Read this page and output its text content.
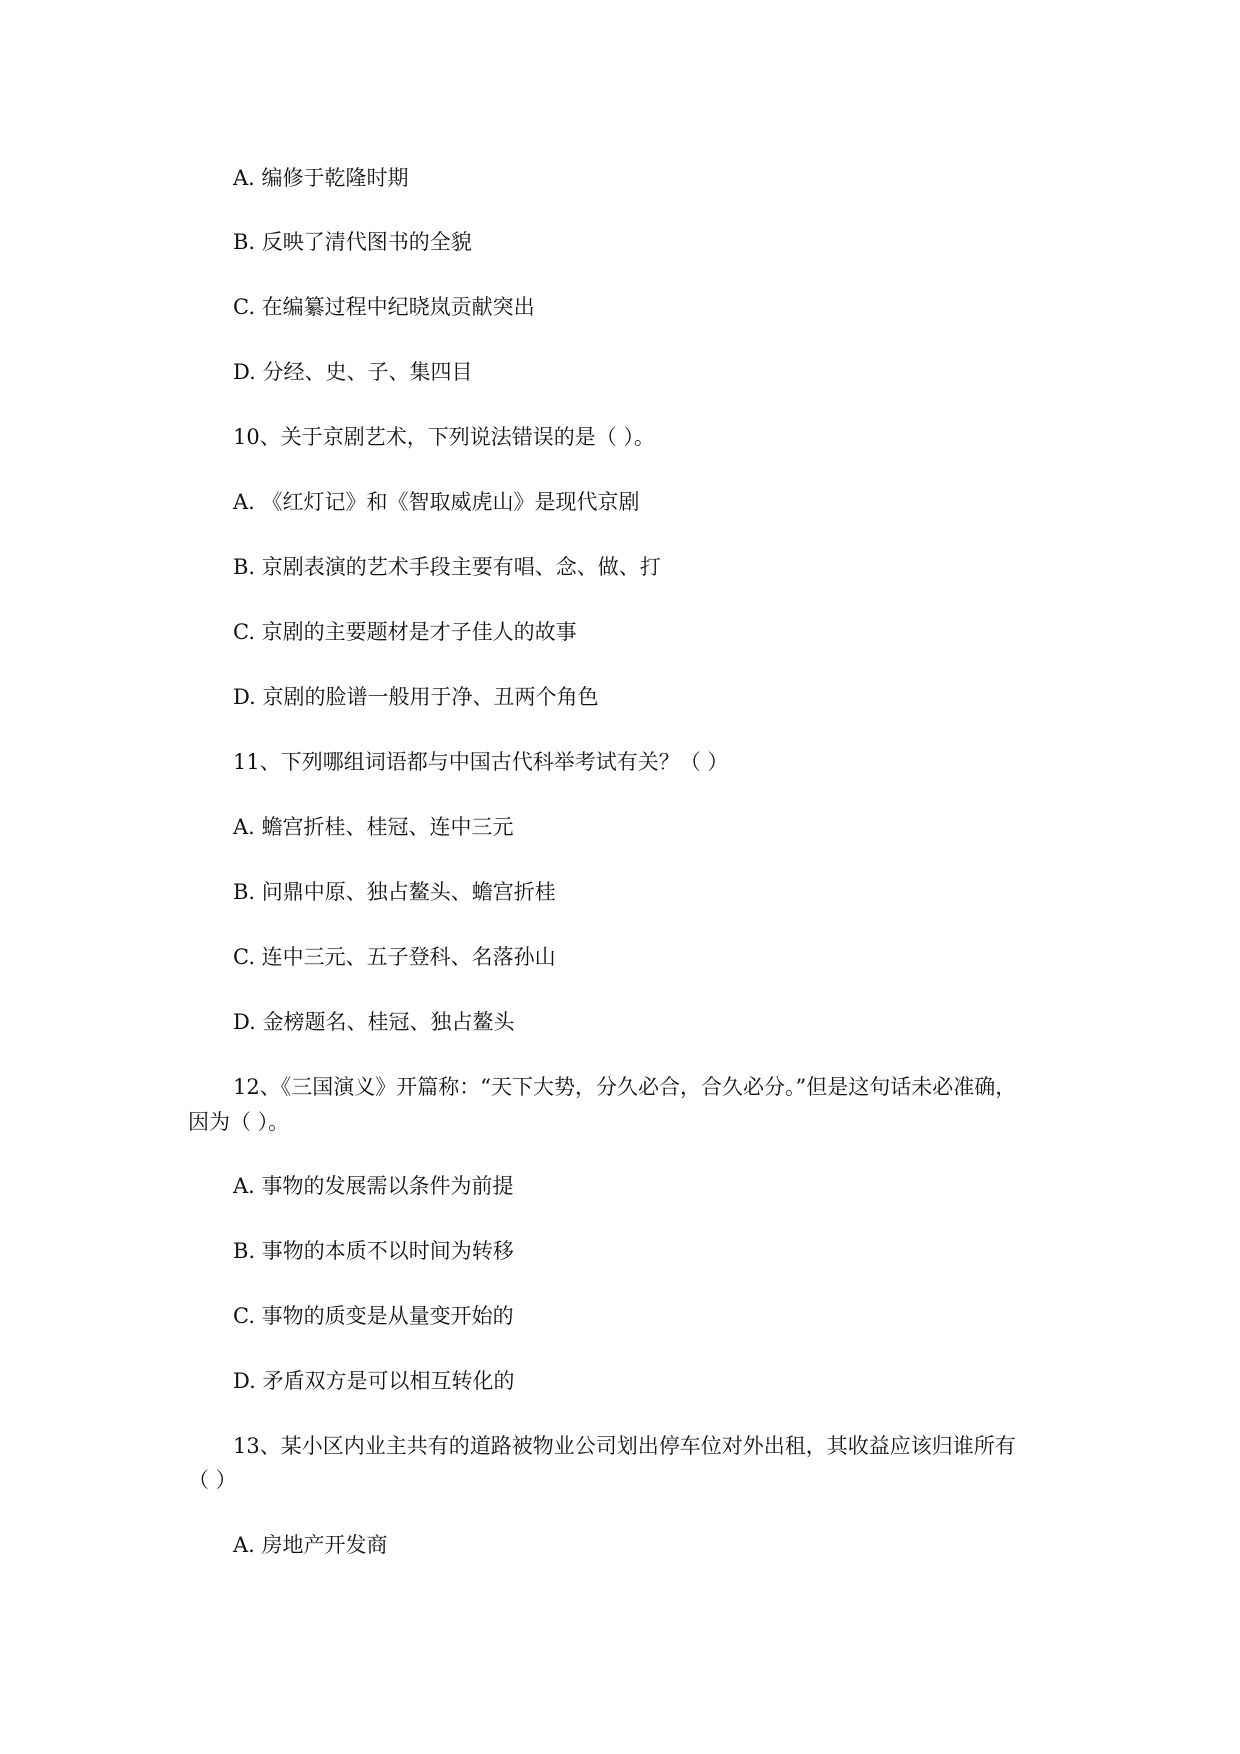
A. 编修于乾隆时期
B. 反映了清代图书的全貌
C. 在编纂过程中纪晓岚贡献突出
D. 分经、史、子、集四目
10、关于京剧艺术，下列说法错误的是（ ）。
A. 《红灯记》和《智取威虎山》是现代京剧
B. 京剧表演的艺术手段主要有唱、念、做、打
C. 京剧的主要题材是才子佳人的故事
D. 京剧的脸谱一般用于净、丑两个角色
11、下列哪组词语都与中国古代科举考试有关？（ ）
A. 蟾宫折桂、桂冠、连中三元
B. 问鼎中原、独占鳌头、蟾宫折桂
C. 连中三元、五子登科、名落孙山
D. 金榜题名、桂冠、独占鳌头
12、《三国演义》开篇称：“天下大势，分久必合，合久必分。”但是这句话未必准确，
因为（ ）。
A. 事物的发展需以条件为前提
B. 事物的本质不以时间为转移
C. 事物的质变是从量变开始的
D. 矛盾双方是可以相互转化的
13、某小区内业主共有的道路被物业公司划出停车位对外出租，其收益应该归谁所有
（ ）
A. 房地产开发商
